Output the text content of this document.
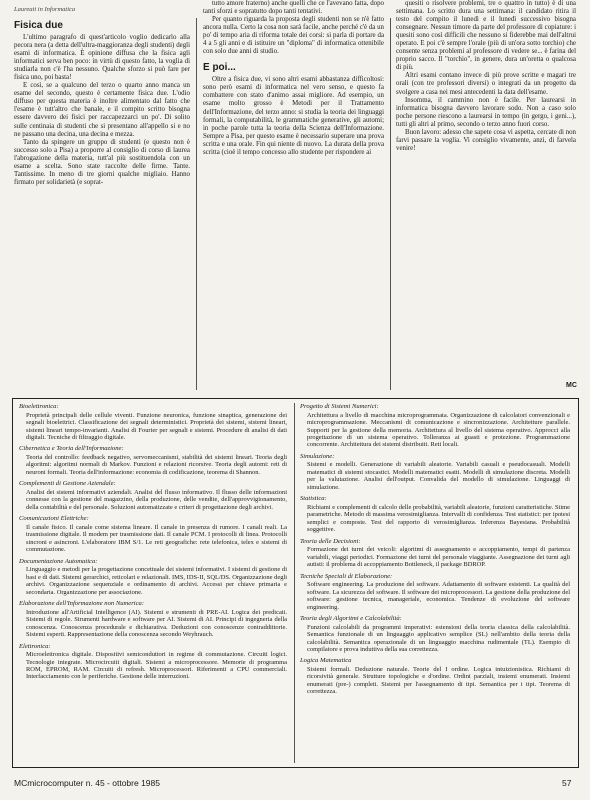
Laureati in Informatica
Fisica due

L'ultimo paragrafo di quest'articolo voglio dedicarlo alla pecora nera (a detta dell'ultra-maggioranza degli studenti) degli esami di informatica. È opinione diffusa che la fisica agli informatici serva ben poco: in virtù di questo fatto, la voglia di studiarla non c'è l'ha nessuno. Qualche sforzo si può fare per fisica uno, poi basta!

E così, se a qualcuno del terzo o quarto anno manca un esame del secondo, questo è certamente fisica due. L'odio diffuso per questa materia è inoltre alimentato dal fatto che l'esame è tutt'altro che banale, e il compito scritto bisogna essere davvero dei fisici per raccapezzarci un po'. Di solito sulle centinaia di studenti che si presentano all'appello si e no ne passano una decina, una decina e mezza.

Tanto da spingere un gruppo di studenti (e questo non è successo solo a Pisa) a proporre al consiglio di corso di laurea l'abrogazione della materia, tutt'al più sostituendola con un esame a scelta. Sono state raccolte delle firme. Tante. Tantissime. In meno di tre giorni qualche migliaio. Hanno firmato per solidarietà (e soprat-

tutto amore fraterno) anche quelli che ce l'avevano fatta, dopo tanti sforzi e sopratutto dopo tanti tentativi.

Per quanto riguarda la proposta degli studenti non se n'è fatto ancora nulla. Certo la cosa non sarà facile, anche perché c'è da un po' di tempo aria di riforma totale dei corsi: si parla di portare da 4 a 5 gli anni e di istituire un "diploma" di informatica ottenibile con solo due anni di studio.

E poi...

Oltre a fisica due, vi sono altri esami abbastanza difficoltosi: sono però esami di informatica nel vero senso, e questo fa combattere con stato d'animo assai migliore. Ad esempio, un esame molto grosso è Metodi per il Trattamento dell'Informazione, del terzo anno: si studia la teoria dei linguaggi formali, la computabilità, le grammatiche generative, gli automi; in poche parole tutta la teoria della Scienza dell'Informazione. Sempre a Pisa, per questo esame è necessario superare una prova scritta e una orale. Fin qui niente di nuovo. La durata della prova scritta (cioè il tempo concesso allo studente per rispondere ai

quesiti o risolvere problemi, tre o quattro in tutto) è di una settimana. Lo scritto dura una settimana: il candidato ritira il testo del compito il lunedì e il lunedì successivo bisogna consegnare. Nessun timore da parte del professore di copiature: i quesiti sono così difficili che nessuno si fiderebbe mai dell'altrui operato. E poi c'è sempre l'orale (più di un'ora sotto torchio) che consente senza problemi al professore di vedere se... è farina del proprio sacco. Il "torchio", in genere, dura un'oretta o qualcosa di più.

Altri esami contano invece di più prove scritte e magari tre orali (con tre professori diversi) o integrati da un progetto da svolgere a casa nei mesi antecedenti la data dell'esame.

Insomma, il cammino non è facile. Per laurearsi in informatica bisogna davvero lavorare sodo. Non a caso solo poche persone riescono a laurearsi in tempo (in gergo, i geni...), tutti gli altri al primo, secondo o terzo anno fuori corso.

Buon lavoro: adesso che sapete cosa vi aspetta, cercate di non farvi passare la voglia. Vi consiglio vivamente, anzi, di farvela venire!

MC
Bioelettronica:

Proprietà principali delle cellule viventi. Funzione neuronica, funzione sinaptica, generazione dei segnali bioelettrici. Classificazione dei segnali deterministici. Proprietà dei sistemi, sistemi lineari, sistemi lineari tempo-invarianti. Analisi di Fourier per segnali e sistemi. Procedure di analisi di dati digitali. Tecniche di filtraggio digitale.

Cibernetica e Teoria dell'Informazione:

Teoria del controllo: feedback negativo, servomeccanismi, stabilità dei sistemi lineari. Teoria degli algoritmi: algoritmi normali di Markov. Funzioni e relazioni ricorsive. Teoria degli automi: reti di neuroni formali. Teoria dell'informazione: economia di codificazione, teorema di Shannon.

Complementi di Gestione Aziendale:

Analisi dei sistemi informativi aziendali. Analisi del flusso informativo. Il flusso delle informazioni connesse con la gestione del magazzino, della produzione, delle vendite, dell'approvvigionamento, della contabilità e del personale. Soluzioni automatizzate e criteri di progettazione degli archivi.

Comunicazioni Elettriche:

Il canale fisico. Il canale come sistema lineare. Il canale in presenza di rumore. I canali reali. La trasmissione digitale. Il modem per trasmissione dati. Il canale PCM. I protocolli di linea. Protocolli sincroni e asincroni. L'elaboratore IBM S/1. Le reti geografiche: rete telefonica, telex e sistemi di commutazione.

Documentazione Automatica:

Linguaggio e metodi per la progettazione concettuale dei sistemi informativi. I sistemi di gestione di basi e di dati. Sistemi gerarchici, reticolari e relazionali. IMS, IDS-II, SQL/DS. Organizzazione degli archivi. Organizzazione sequenziale e ordinamento di archivi. Accessi per chiave primaria e secondaria. Organizzazione per associazione.

Elaborazione dell'Informazione non Numerica:

Introduzione all'Artificial Intelligence (AI). Sistemi e strumenti di PRE-AI. Logica dei predicati. Sistemi di regole. Strumenti hardware e software per AI. Sistemi di AI. Principi di ingegneria della conoscenza. Conoscenza procedurale e dichiarativa. Deduzioni con conoscenze contraddittorie. Sistemi esperti. Rappresentazione della conoscenza secondo Weyhrauch.

Elettronica:

Microelettronica digitale. Dispositivi semiconduttori in regime di commutazione. Circuiti logici. Tecnologie integrate. Microcircuiti digitali. Sistemi a microprocessore. Memorie di programma ROM, EPROM, RAM. Circuiti di refresh. Microprocessori. Riferimenti a CPU commerciali. Interfacciamento con le periferiche. Gestione delle interruzioni.

Progetto di Sistemi Numerici:

Architettura a livello di macchina microprogrammata. Organizzazione di calcolatori convenzionali e microprogrammazione. Meccanismi di comunicazione e sincronizzazione. Architetture parallele. Supporti per la gestione della memoria. Architettura al livello del sistema operativo. Approcci alla progettazione di un sistema operativo. Tolleranza ai guasti e protezione. Programmazione concorrente. Architettura dei sistemi distribuiti. Reti locali.

Simulazione:

Sistemi e modelli. Generazione di variabili aleatorie. Variabili casuali e pseudocasuali. Modelli matematici di sistemi stocastici. Modelli matematici esatti. Modelli di simulazione discreta. Modelli per la valutazione. Analisi dell'output. Convalida del modello di simulazione. Linguaggi di simulazione.

Statistica:

Richiami e complementi di calcolo delle probabilità, variabili aleatorie, funzioni caratteristiche. Stime parametriche. Metodo di massima verosimiglianza. Intervalli di confidenza. Test statistici: per ipotesi semplici e composte. Test del rapporto di verosimiglianza. Inferenza Bayesiana. Probabilità soggettive.

Teoria delle Decisioni:

Formazione dei turni dei veicoli: algoritmi di assegnamento e accoppiamento, tempi di partenza variabili, viaggi periodici. Formazione dei turni del personale viaggiante. Assegnazione dei turni agli autisti: il problema di accoppiamento Bottleneck, il package BDROP.

Tecniche Speciali di Elaborazione:

Software engineering. La produzione del software. Adattamento di software esistenti. La qualità del software. La sicurezza del software. Il software dei microprocessori. La gestione della produzione del software: gestione tecnica, manageriale, economica. Tendenze di evoluzione del software engineering.

Teoria degli Algoritmi e Calcolabilità:

Funzioni calcolabili da programmi imperativi: estensioni della teoria classica della calcolabilità. Semantica funzionale di un linguaggio applicativo semplice (SL) nell'ambito della teoria della calcolabilità. Semantica operazionale di un linguaggio macchina rudimentale (TL). Esempio di compilatore e prova induttiva della sua correttezza.

Logica Matematica

Sistemi formali. Deduzione naturale. Teorie del I ordine. Logica intuizionistica. Richiami di ricorsività generale. Strutture topologiche e d'ordine. Ordini parziali, insiemi enumerati. Insiemi enumerati (pre-) completi. Sistemi per l'assegnamento di tipi. Semantica per i tipi. Teorema di correttezza.

MCmicrocomputer n. 45 - ottobre 1985	57
